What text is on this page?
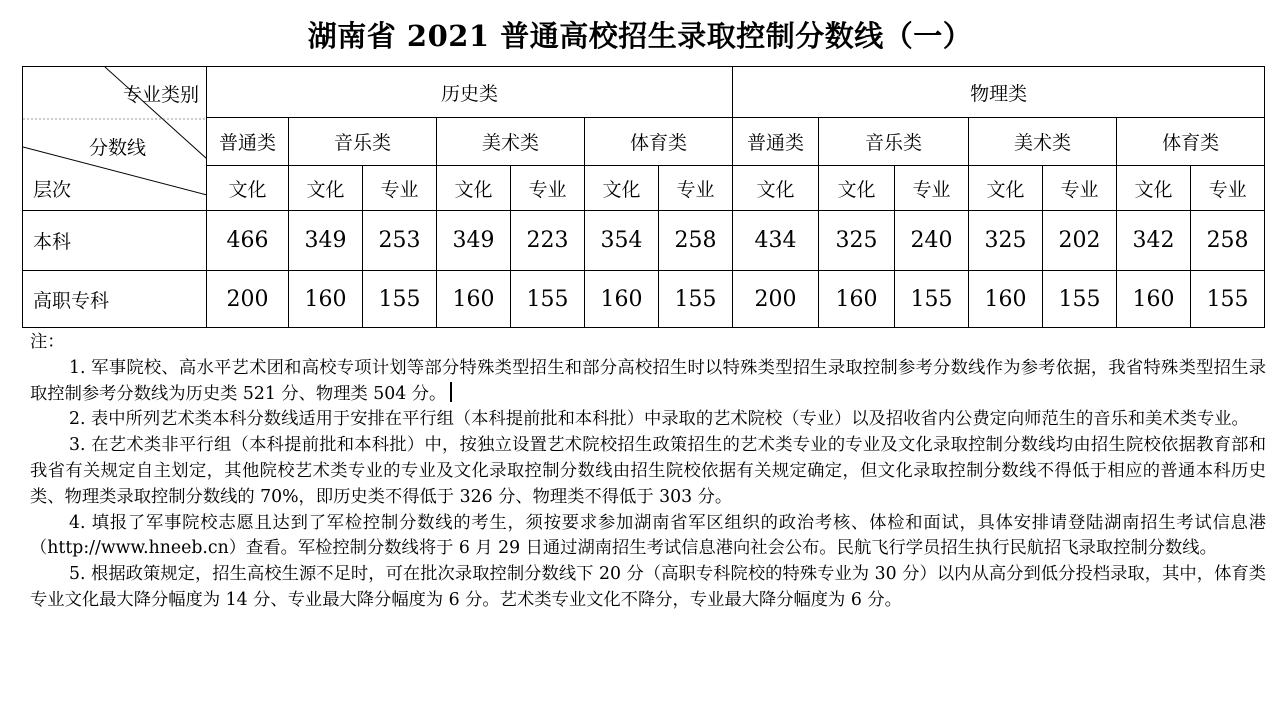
湖南省 2021 普通高校招生录取控制分数线（一）
专业类别
分数线
层次	历史类							物理类						
	普通类	音乐类		美术类		体育类		普通类	音乐类		美术类		体育类	
	文化	文化	专业	文化	专业	文化	专业	文化	文化	专业	文化	专业	文化	专业
本科	466	349	253	349	223	354	258	434	325	240	325	202	342	258
高职专科	200	160	155	160	155	160	155	200	160	155	160	155	160	155

注：

1. 军事院校、高水平艺术团和高校专项计划等部分特殊类型招生和部分高校招生时以特殊类型招生录取控制参考分数线作为参考依据，我省特殊类型招生录取控制参考分数线为历史类 521 分、物理类 504 分。

2. 表中所列艺术类本科分数线适用于安排在平行组（本科提前批和本科批）中录取的艺术院校（专业）以及招收省内公费定向师范生的音乐和美术类专业。

3. 在艺术类非平行组（本科提前批和本科批）中，按独立设置艺术院校招生政策招生的艺术类专业的专业及文化录取控制分数线均由招生院校依据教育部和我省有关规定自主划定，其他院校艺术类专业的专业及文化录取控制分数线由招生院校依据有关规定确定，但文化录取控制分数线不得低于相应的普通本科历史类、物理类录取控制分数线的 70%，即历史类不得低于 326 分、物理类不得低于 303 分。

4. 填报了军事院校志愿且达到了军检控制分数线的考生，须按要求参加湖南省军区组织的政治考核、体检和面试，具体安排请登陆湖南招生考试信息港（http://www.hneeb.cn）查看。军检控制分数线将于 6 月 29 日通过湖南招生考试信息港向社会公布。民航飞行学员招生执行民航招飞录取控制分数线。

5. 根据政策规定，招生高校生源不足时，可在批次录取控制分数线下 20 分（高职专科院校的特殊专业为 30 分）以内从高分到低分投档录取，其中，体育类专业文化最大降分幅度为 14 分、专业最大降分幅度为 6 分。艺术类专业文化不降分，专业最大降分幅度为 6 分。
